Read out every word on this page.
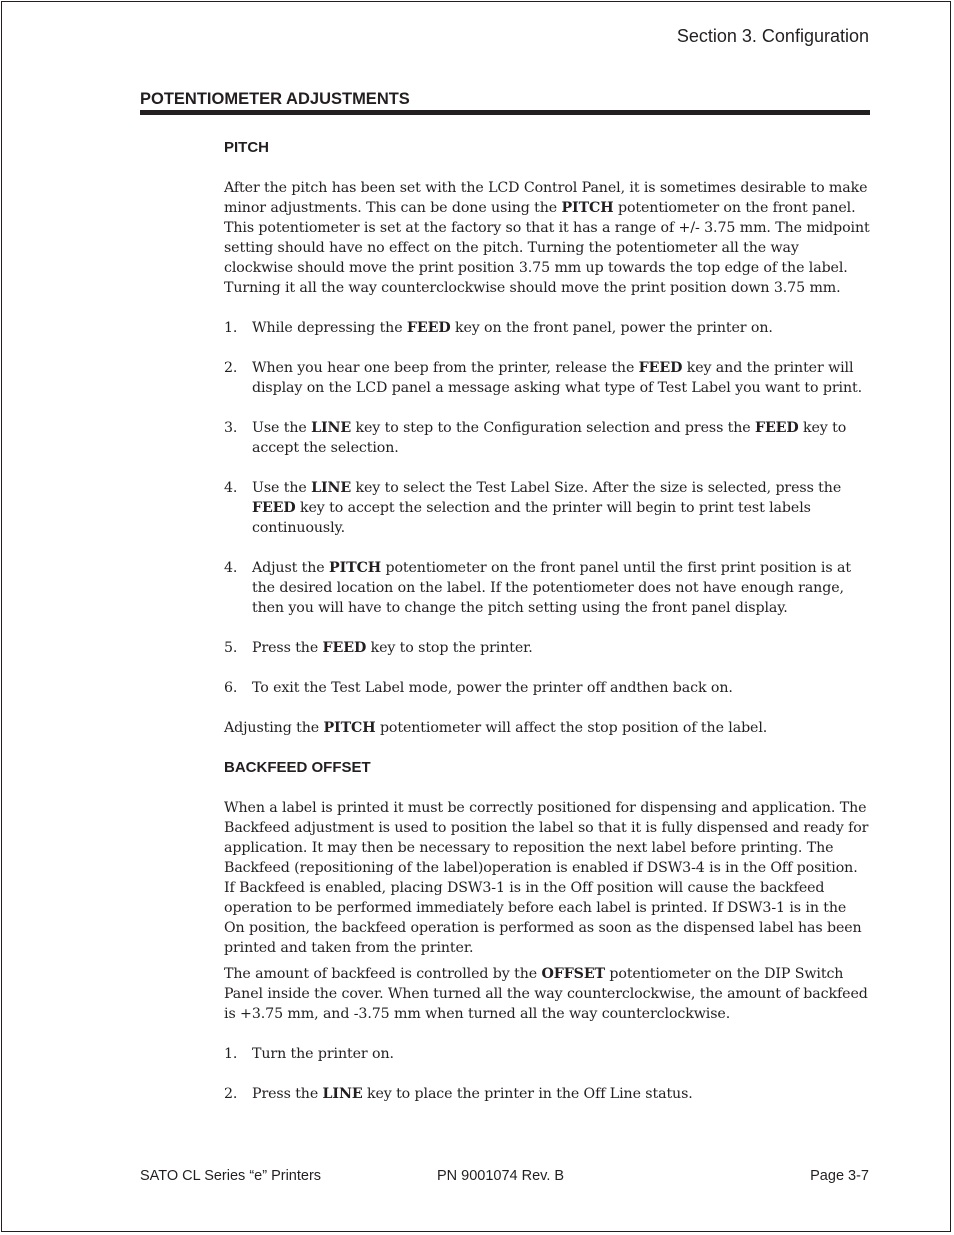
Section 3. Configuration
POTENTIOMETER ADJUSTMENTS
PITCH

After the pitch has been set with the LCD Control Panel, it is sometimes desirable to make minor adjustments. This can be done using the PITCH potentiometer on the front panel. This potentiometer is set at the factory so that it has a range of +/- 3.75 mm. The midpoint setting should have no effect on the pitch. Turning the potentiometer all the way clockwise should move the print position 3.75 mm up towards the top edge of the label. Turning it all the way counterclockwise should move the print position down 3.75 mm.

1. While depressing the FEED key on the front panel, power the printer on.
2. When you hear one beep from the printer, release the FEED key and the printer will display on the LCD panel a message asking what type of Test Label you want to print.
3. Use the LINE key to step to the Configuration selection and press the FEED key to accept the selection.
4. Use the LINE key to select the Test Label Size. After the size is selected, press the FEED key to accept the selection and the printer will begin to print test labels continuously.
4. Adjust the PITCH potentiometer on the front panel until the first print position is at the desired location on the label. If the potentiometer does not have enough range, then you will have to change the pitch setting using the front panel display.
5. Press the FEED key to stop the printer.
6. To exit the Test Label mode, power the printer off andthen back on.

Adjusting the PITCH potentiometer will affect the stop position of the label.

BACKFEED OFFSET

When a label is printed it must be correctly positioned for dispensing and application. The Backfeed adjustment is used to position the label so that it is fully dispensed and ready for application. It may then be necessary to reposition the next label before printing. The Backfeed (repositioning of the label)operation is enabled if DSW3-4 is in the Off position. If Backfeed is enabled, placing DSW3-1 is in the Off position will cause the backfeed operation to be performed immediately before each label is printed. If DSW3-1 is in the On position, the backfeed operation is performed as soon as the dispensed label has been printed and taken from the printer.

The amount of backfeed is controlled by the OFFSET potentiometer on the DIP Switch Panel inside the cover. When turned all the way counterclockwise, the amount of backfeed is +3.75 mm, and -3.75 mm when turned all the way counterclockwise.

1. Turn the printer on.
2. Press the LINE key to place the printer in the Off Line status.
SATO CL Series “e” Printers	PN 9001074 Rev. B	Page 3-7
